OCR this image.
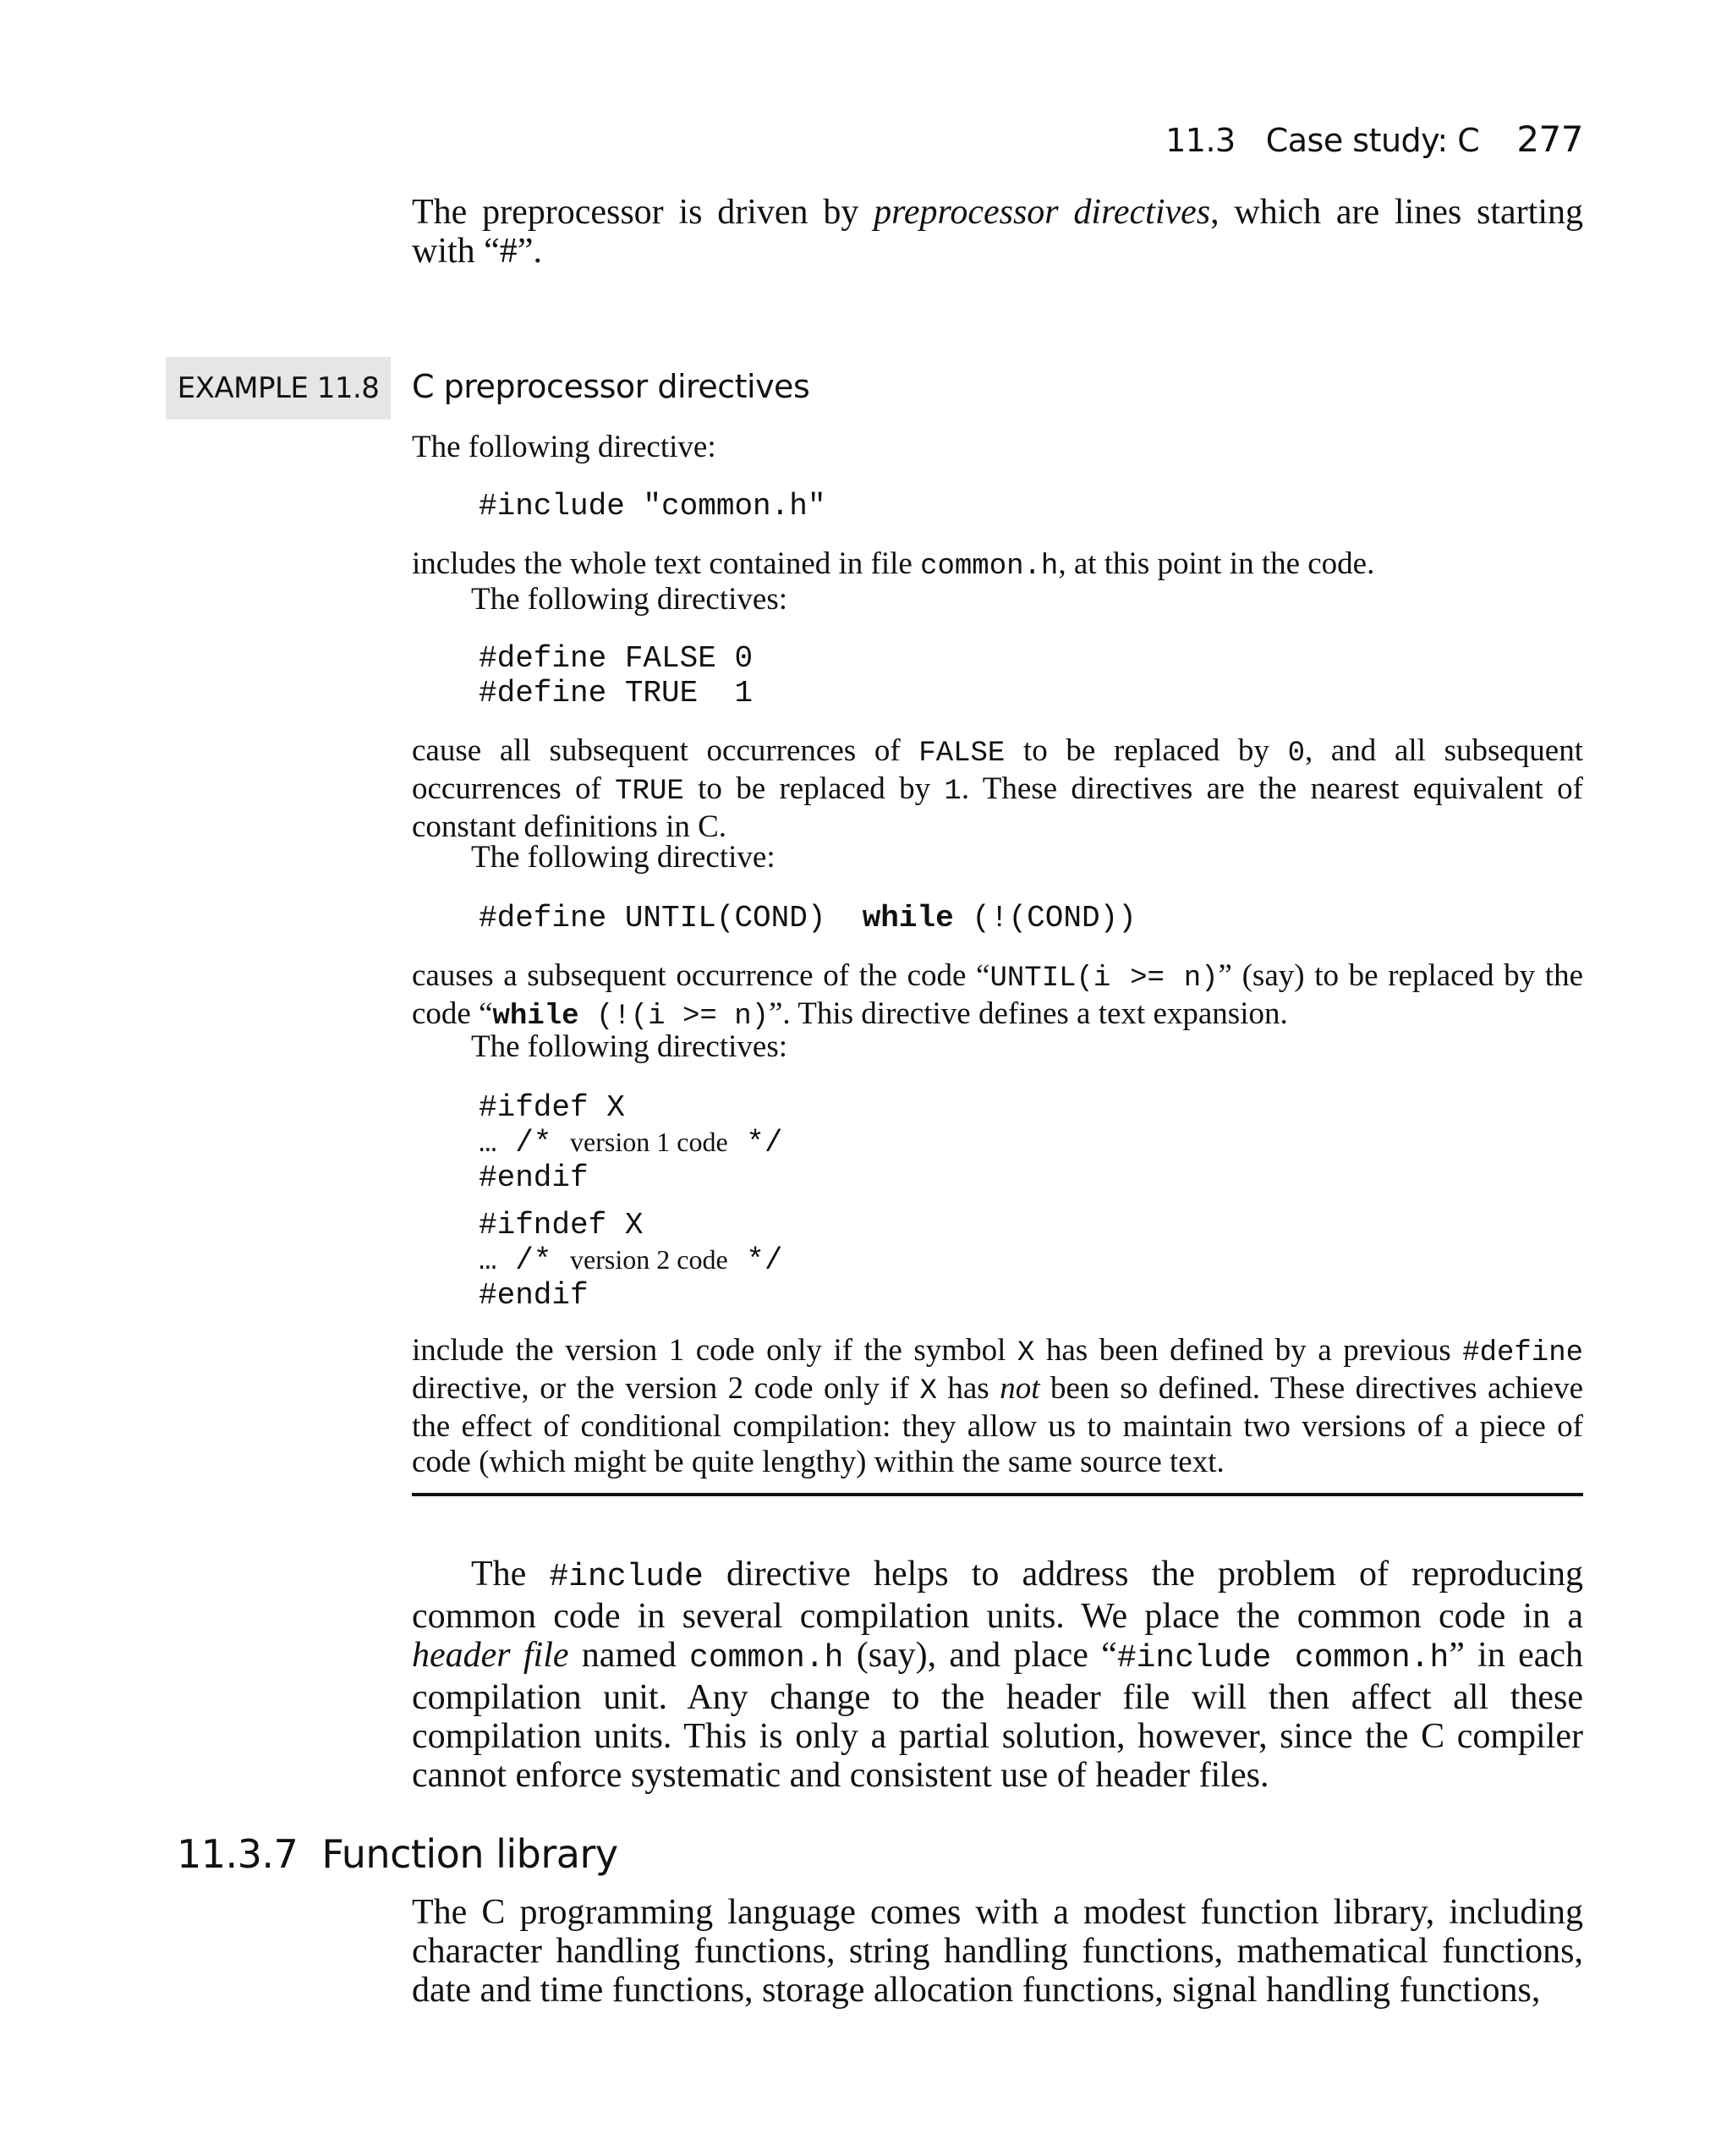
11.3 Case study: C 277
The preprocessor is driven by preprocessor directives, which are lines starting with “#”.
EXAMPLE 11.8	C preprocessor directives
The following directive:
#include "common.h"
includes the whole text contained in file common.h, at this point in the code.
The following directives:
#define FALSE 0
#define TRUE  1
cause all subsequent occurrences of FALSE to be replaced by 0, and all subsequent occurrences of TRUE to be replaced by 1. These directives are the nearest equivalent of constant definitions in C.
The following directive:
#define UNTIL(COND)  while (!(COND))
causes a subsequent occurrence of the code “UNTIL(i >= n)” (say) to be replaced by the code “while (!(i >= n)”. This directive defines a text expansion.
The following directives:
#ifdef X
… /* version 1 code */
#endif
#ifndef X
… /* version 2 code */
#endif
include the version 1 code only if the symbol X has been defined by a previous #define directive, or the version 2 code only if X has not been so defined. These directives achieve the effect of conditional compilation: they allow us to maintain two versions of a piece of code (which might be quite lengthy) within the same source text.
The #include directive helps to address the problem of reproducing common code in several compilation units. We place the common code in a header file named common.h (say), and place “#include common.h” in each compilation unit. Any change to the header file will then affect all these compilation units. This is only a partial solution, however, since the C compiler cannot enforce systematic and consistent use of header files.
11.3.7 Function library
The C programming language comes with a modest function library, including character handling functions, string handling functions, mathematical functions, date and time functions, storage allocation functions, signal handling functions,
